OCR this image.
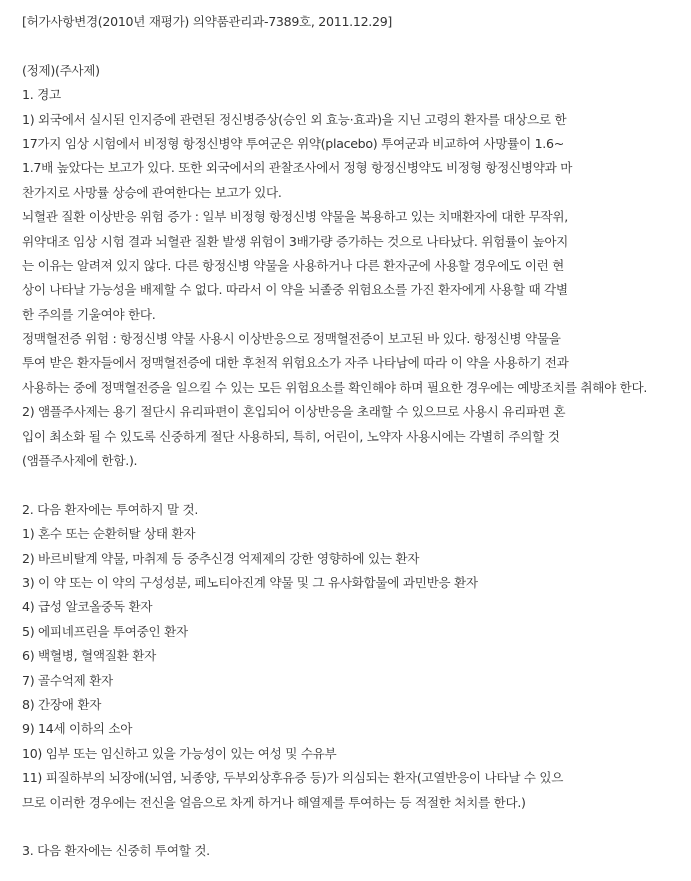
[허가사항변경(2010년 재평가) 의약품관리과-7389호, 2011.12.29]
(정제)(주사제)
1. 경고
1) 외국에서 실시된 인지증에 관련된 정신병증상(승인 외 효능·효과)을 지닌 고령의 환자를 대상으로 한
17가지 임상 시험에서 비정형 항정신병약 투여군은 위약(placebo) 투여군과 비교하여 사망률이 1.6~
1.7배 높았다는 보고가 있다. 또한 외국에서의 관찰조사에서 정형 항정신병약도 비정형 항정신병약과 마
찬가지로 사망률 상승에 관여한다는 보고가 있다.
뇌혈관 질환 이상반응 위험 증가 : 일부 비정형 항정신병 약물을 복용하고 있는 치매환자에 대한 무작위,
위약대조 임상 시험 결과 뇌혈관 질환 발생 위험이 3배가량 증가하는 것으로 나타났다. 위험률이 높아지
는 이유는 알려져 있지 않다. 다른 항정신병 약물을 사용하거나 다른 환자군에 사용할 경우에도 이런 현
상이 나타날 가능성을 배제할 수 없다. 따라서 이 약을 뇌졸중 위험요소를 가진 환자에게 사용할 때 각별
한 주의를 기울여야 한다.
정맥혈전증 위험 : 항정신병 약물 사용시 이상반응으로 정맥혈전증이 보고된 바 있다. 항정신병 약물을
투여 받은 환자들에서 정맥혈전증에 대한 후천적 위험요소가 자주 나타남에 따라 이 약을 사용하기 전과
사용하는 중에 정맥혈전증을 일으킬 수 있는 모든 위험요소를 확인해야 하며 필요한 경우에는 예방조치를 취해야 한다.
2) 앰플주사제는 용기 절단시 유리파편이 혼입되어 이상반응을 초래할 수 있으므로 사용시 유리파편 혼
입이 최소화 될 수 있도록 신중하게 절단 사용하되, 특히, 어린이, 노약자 사용시에는 각별히 주의할 것
(앰플주사제에 한함.).
2. 다음 환자에는 투여하지 말 것.
1) 혼수 또는 순환허탈 상태 환자
2) 바르비탈계 약물, 마취제 등 중추신경 억제제의 강한 영향하에 있는 환자
3) 이 약 또는 이 약의 구성성분, 페노티아진계 약물 및 그 유사화합물에 과민반응 환자
4) 급성 알코올중독 환자
5) 에피네프린을 투여중인 환자
6) 백혈병, 혈액질환 환자
7) 골수억제 환자
8) 간장애 환자
9) 14세 이하의 소아
10) 임부 또는 임신하고 있을 가능성이 있는 여성 및 수유부
11) 피질하부의 뇌장애(뇌염, 뇌종양, 두부외상후유증 등)가 의심되는 환자(고열반응이 나타날 수 있으
므로 이러한 경우에는 전신을 얼음으로 차게 하거나 해열제를 투여하는 등 적절한 처치를 한다.)
3. 다음 환자에는 신중히 투여할 것.
